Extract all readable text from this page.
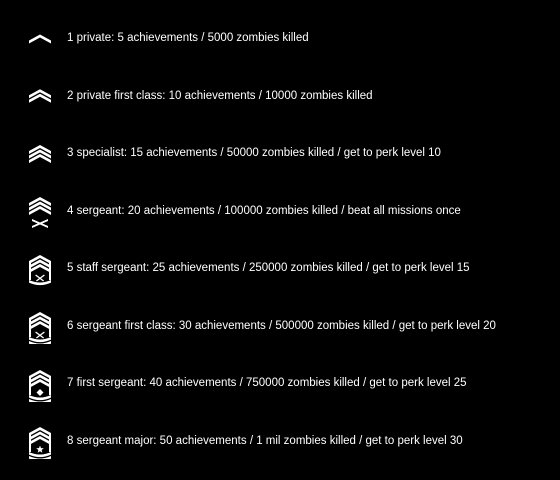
1 private: 5 achievements / 5000 zombies killed
2 private first class: 10 achievements / 10000 zombies killed
3 specialist: 15 achievements / 50000 zombies killed / get to perk level 10
4 sergeant: 20 achievements / 100000 zombies killed / beat all missions once
5 staff sergeant: 25 achievements / 250000 zombies killed / get to perk level 15
6 sergeant first class: 30 achievements / 500000 zombies killed / get to perk level 20
7 first sergeant: 40 achievements / 750000 zombies killed / get to perk level 25
8 sergeant major: 50 achievements / 1 mil zombies killed / get to perk level 30
